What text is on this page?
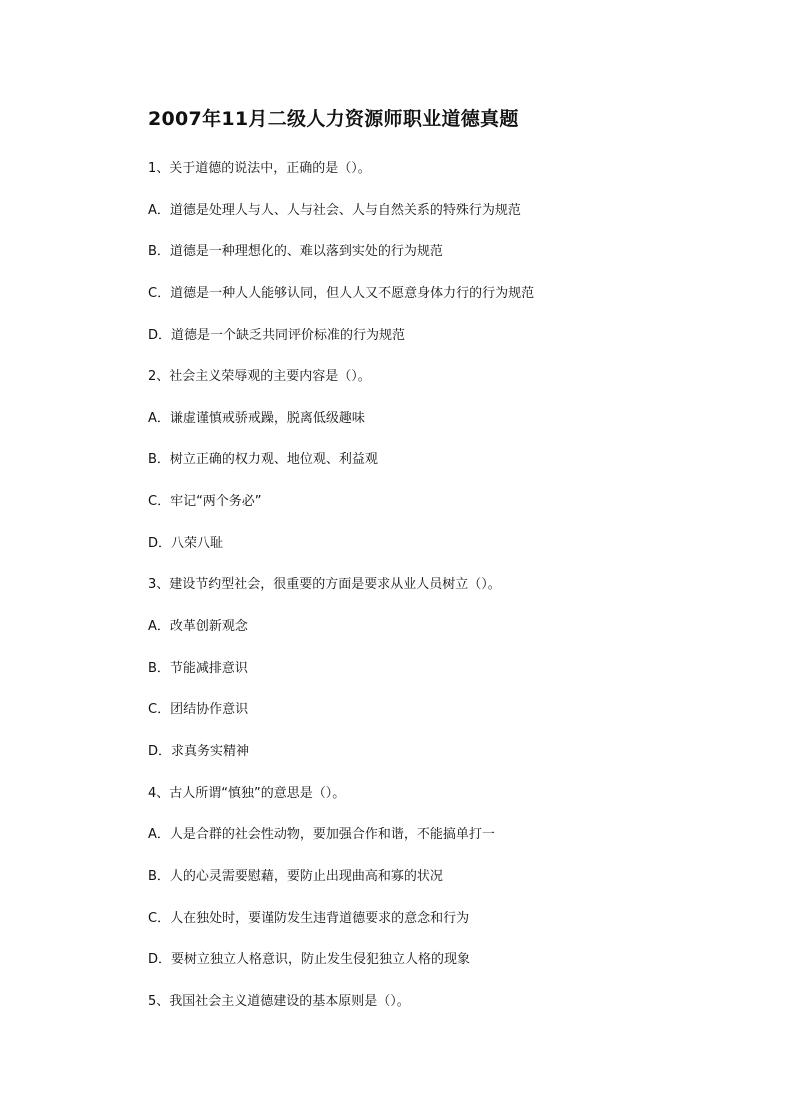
2007年11月二级人力资源师职业道德真题
1、关于道德的说法中，正确的是（）。
A．道德是处理人与人、人与社会、人与自然关系的特殊行为规范
B．道德是一种理想化的、难以落到实处的行为规范
C．道德是一种人人能够认同，但人人又不愿意身体力行的行为规范
D．道德是一个缺乏共同评价标准的行为规范
2、社会主义荣辱观的主要内容是（）。
A．谦虚谨慎戒骄戒躁，脱离低级趣味
B．树立正确的权力观、地位观、利益观
C．牢记“两个务必”
D．八荣八耻
3、建设节约型社会，很重要的方面是要求从业人员树立（）。
A．改革创新观念
B．节能减排意识
C．团结协作意识
D．求真务实精神
4、古人所谓“慎独”的意思是（）。
A．人是合群的社会性动物，要加强合作和谐，不能搞单打一
B．人的心灵需要慰藉，要防止出现曲高和寡的状况
C．人在独处时，要谨防发生违背道德要求的意念和行为
D．要树立独立人格意识，防止发生侵犯独立人格的现象
5、我国社会主义道德建设的基本原则是（）。
